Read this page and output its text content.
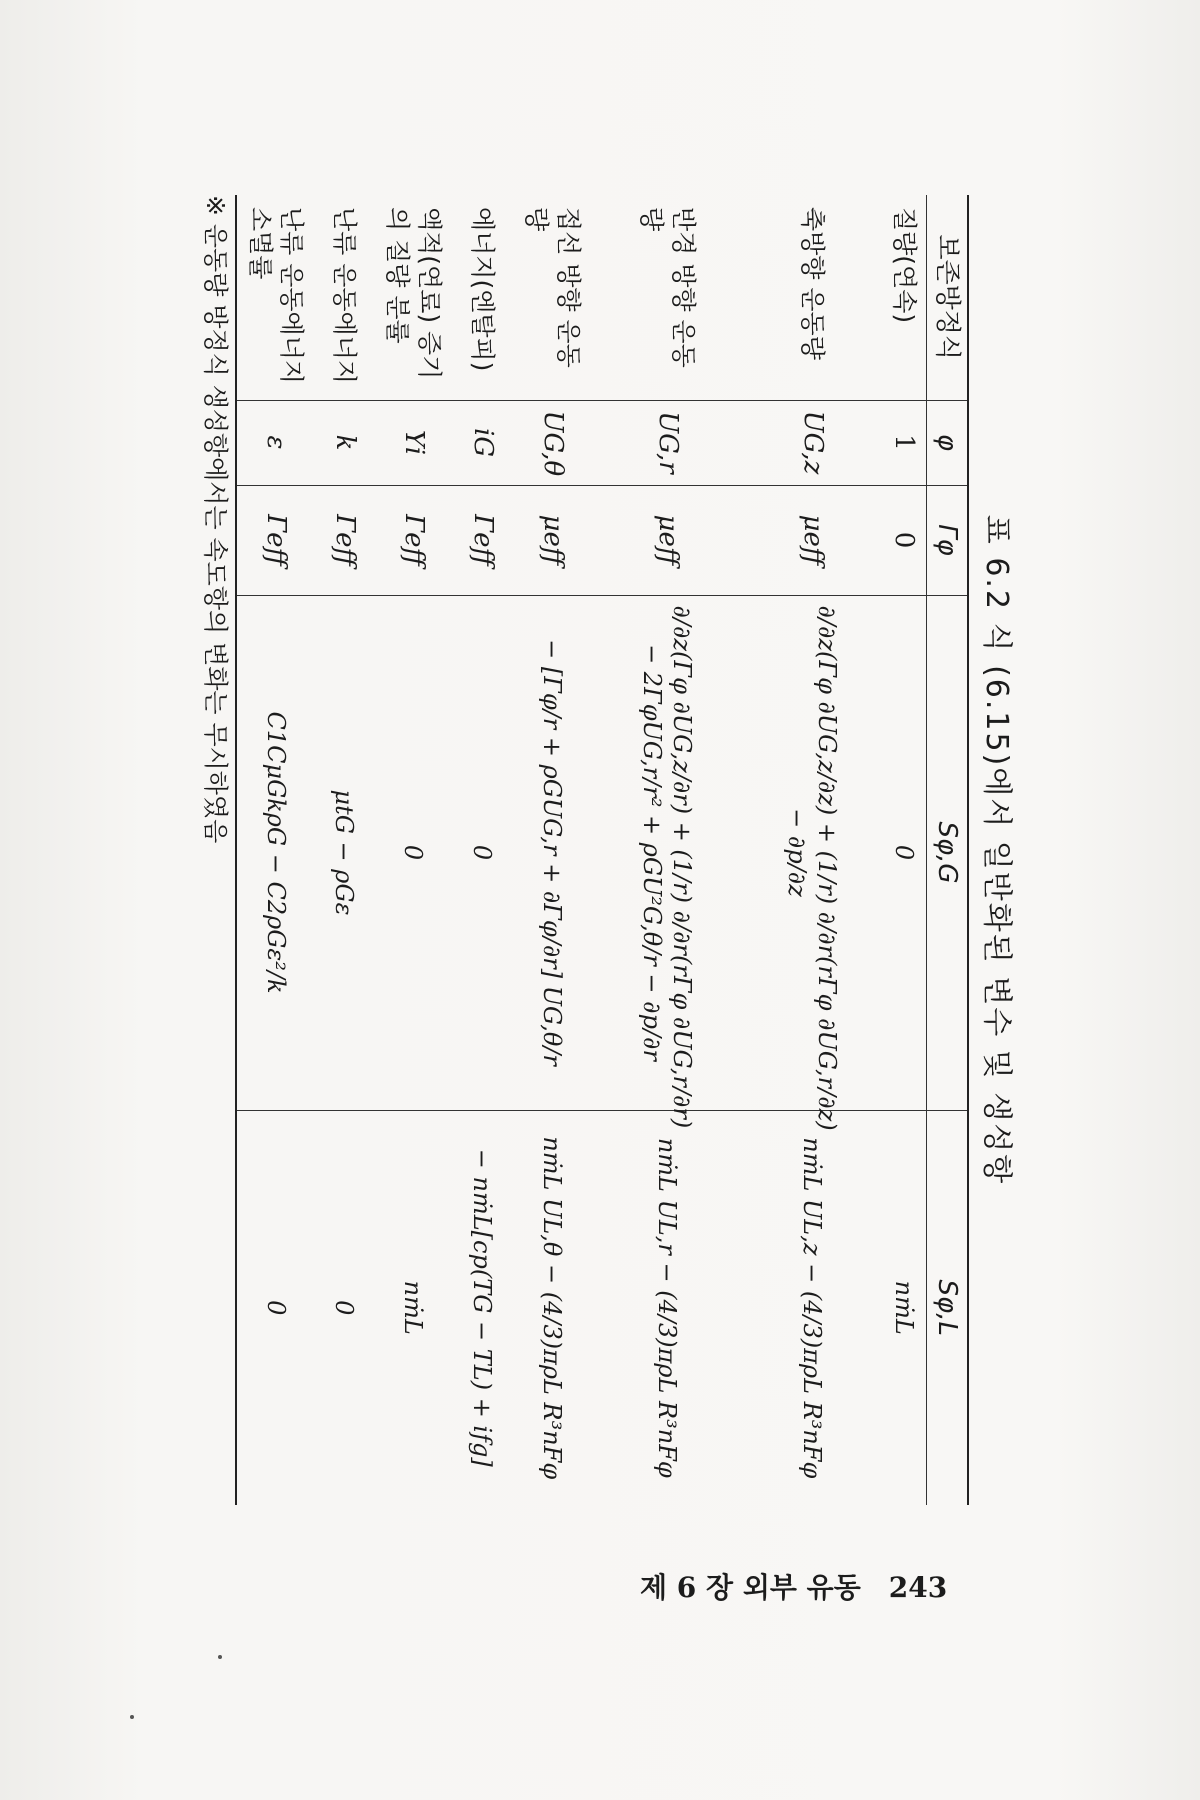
표 6.2 식 (6.15)에서 일반화된 변수 및 생성항
보존방정식	φ	Γφ	Sφ,G	Sφ,L
질량(연속)	1	0	0	nṁL

축방향 운동량	UG,z	μeff	∂/∂z(Γφ ∂UG,z/∂z) + (1/r) ∂/∂r(rΓφ ∂UG,r/∂z)
− ∂p/∂z	nṁL UL,z − (4/3)πρL R³nFφ

반경 방향 운동량	UG,r	μeff	∂/∂z(Γφ ∂UG,z/∂r) + (1/r) ∂/∂r(rΓφ ∂UG,r/∂r)
− 2ΓφUG,r/r² + ρGU²G,θ/r − ∂p/∂r	nṁL UL,r − (4/3)πρL R³nFφ

접선 방향 운동량	UG,θ	μeff	− [Γφ/r + ρGUG,r + ∂Γφ/∂r] UG,θ/r	nṁL UL,θ − (4/3)πρL R³nFφ

에너지(엔탈피)	iG	Γeff	0	− nṁL[cp(TG − TL) + ifg]

액적(연료) 증기의 질량 분률	Yi	Γeff	0	nṁL

난류 운동에너지	k	Γeff	μtG − ρGε	0

난류 운동에너지 소멸률	ε	Γeff	C1CμGkρG − C2ρGε²/k	0
※ 운동량 방정식 생성항에서는 속도항의 변화는 무시하였음
제 6 장 외부 유동 243
